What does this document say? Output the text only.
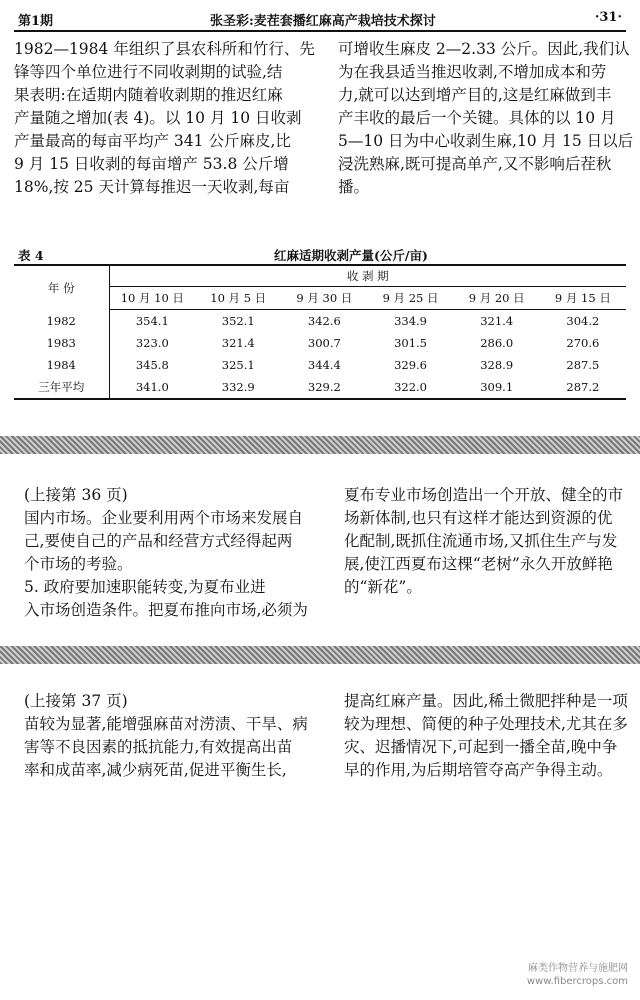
第1期	张圣彩:麦茬套播红麻高产栽培技术探讨	·31·

1982—1984 年组织了县农科所和竹行、先

锋等四个单位进行不同收剥期的试验,结

果表明:在适期内随着收剥期的推迟红麻

产量随之增加(表 4)。以 10 月 10 日收剥

产量最高的每亩平均产 341 公斤麻皮,比

9 月 15 日收剥的每亩增产 53.8 公斤增

18%,按 25 天计算每推迟一天收剥,每亩

可增收生麻皮 2—2.33 公斤。因此,我们认

为在我县适当推迟收剥,不增加成本和劳

力,就可以达到增产目的,这是红麻做到丰

产丰收的最后一个关键。具体的以 10 月

5—10 日为中心收剥生麻,10 月 15 日以后

浸洗熟麻,既可提高单产,又不影响后茬秋

播。

表 4	红麻适期收剥产量(公斤/亩)
年 份	收 剥 期					
	10 月 10 日	10 月 5 日	9 月 30 日	9 月 25 日	9 月 20 日	9 月 15 日
1982	354.1	352.1	342.6	334.9	321.4	304.2
1983	323.0	321.4	300.7	301.5	286.0	270.6
1984	345.8	325.1	344.4	329.6	328.9	287.5
三年平均	341.0	332.9	329.2	322.0	309.1	287.2

(上接第 36 页)

国内市场。企业要利用两个市场来发展自

己,要使自己的产品和经营方式经得起两

个市场的考验。

5. 政府要加速职能转变,为夏布业进

入市场创造条件。把夏布推向市场,必须为

夏布专业市场创造出一个开放、健全的市

场新体制,也只有这样才能达到资源的优

化配制,既抓住流通市场,又抓住生产与发

展,使江西夏布这棵“老树”永久开放鲜艳

的“新花”。

(上接第 37 页)

苗较为显著,能增强麻苗对涝渍、干旱、病

害等不良因素的抵抗能力,有效提高出苗

率和成苗率,减少病死苗,促进平衡生长,

提高红麻产量。因此,稀土微肥拌种是一项

较为理想、简便的种子处理技术,尤其在多

灾、迟播情况下,可起到一播全苗,晚中争

早的作用,为后期培管夺高产争得主动。

麻类作物营养与施肥网
www.fibercrops.com
